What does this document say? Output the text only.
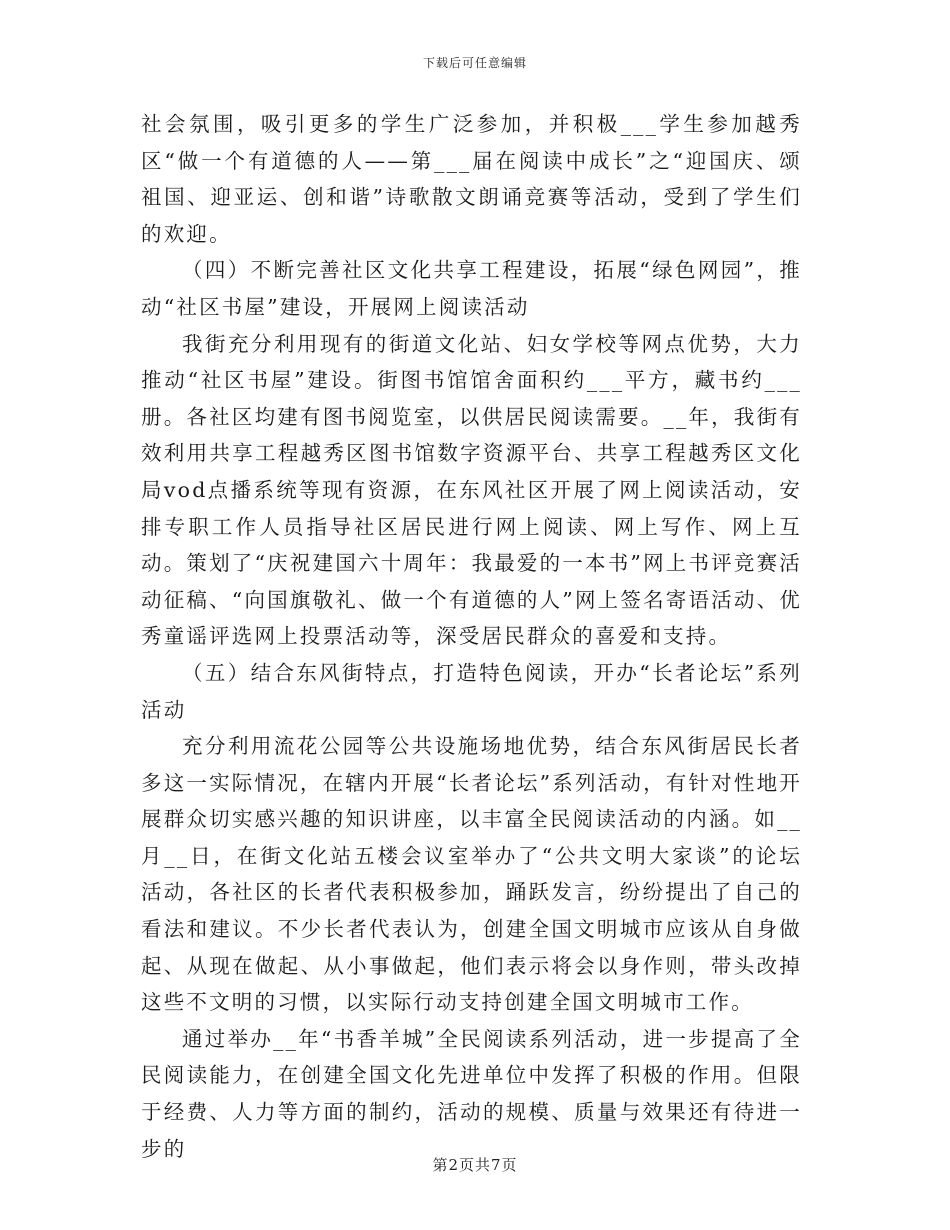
下载后可任意编辑

社会氛围，吸引更多的学生广泛参加，并积极___学生参加越秀区“做一个有道德的人——第___届在阅读中成长”之“迎国庆、颂祖国、迎亚运、创和谐”诗歌散文朗诵竞赛等活动，受到了学生们的欢迎。

（四）不断完善社区文化共享工程建设，拓展“绿色网园”，推动“社区书屋”建设，开展网上阅读活动

我街充分利用现有的街道文化站、妇女学校等网点优势，大力推动“社区书屋”建设。街图书馆馆舍面积约___平方，藏书约___册。各社区均建有图书阅览室，以供居民阅读需要。__年，我街有效利用共享工程越秀区图书馆数字资源平台、共享工程越秀区文化局vod点播系统等现有资源，在东风社区开展了网上阅读活动，安排专职工作人员指导社区居民进行网上阅读、网上写作、网上互动。策划了“庆祝建国六十周年：我最爱的一本书”网上书评竞赛活动征稿、“向国旗敬礼、做一个有道德的人”网上签名寄语活动、优秀童谣评选网上投票活动等，深受居民群众的喜爱和支持。

（五）结合东风街特点，打造特色阅读，开办“长者论坛”系列活动

充分利用流花公园等公共设施场地优势，结合东风街居民长者多这一实际情况，在辖内开展“长者论坛”系列活动，有针对性地开展群众切实感兴趣的知识讲座，以丰富全民阅读活动的内涵。如__月__日，在街文化站五楼会议室举办了“公共文明大家谈”的论坛活动，各社区的长者代表积极参加，踊跃发言，纷纷提出了自己的看法和建议。不少长者代表认为，创建全国文明城市应该从自身做起、从现在做起、从小事做起，他们表示将会以身作则，带头改掉这些不文明的习惯，以实际行动支持创建全国文明城市工作。

通过举办__年“书香羊城”全民阅读系列活动，进一步提高了全民阅读能力，在创建全国文化先进单位中发挥了积极的作用。但限于经费、人力等方面的制约，活动的规模、质量与效果还有待进一步的

第2页共7页
